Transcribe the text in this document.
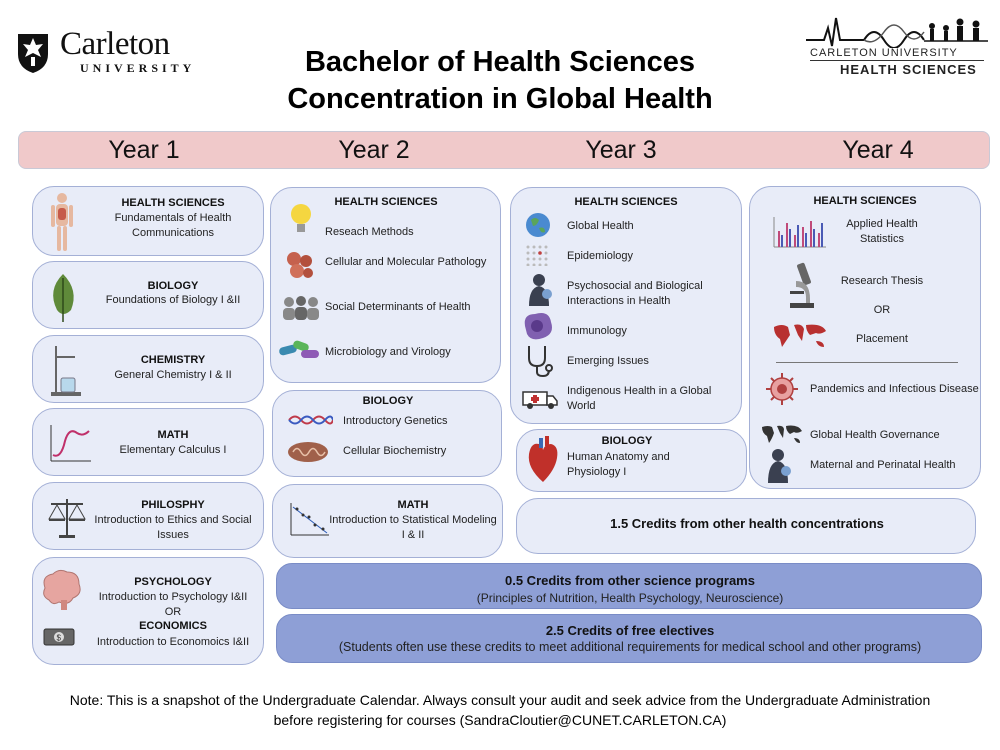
Carleton
UNIVERSITY	Bachelor of Health Sciences
Concentration in Global Health
CARLETON UNIVERSITY
HEALTH SCIENCES
Year 1	Year 2	Year 3	Year 4
HEALTH SCIENCES
Fundamentals of Health Communications
BIOLOGY
Foundations of Biology I &II
CHEMISTRY
General Chemistry I & II
MATH
Elementary Calculus I
PHILOSPHY
Introduction to Ethics and Social Issues
$
PSYCHOLOGY
Introduction to Psychology I&II
OR
ECONOMICS
Introduction to Economoics I&II
HEALTH SCIENCES
Reseach Methods
Cellular and Molecular Pathology
Social Determinants of Health
Microbiology and Virology
BIOLOGY
Introductory Genetics
Cellular Biochemistry
MATH
Introduction to Statistical Modeling I & II
HEALTH SCIENCES
Global Health
Epidemiology
Psychosocial and Biological Interactions in Health
Immunology
Emerging Issues
Indigenous Health in a Global World
BIOLOGY
Human Anatomy and Physiology I
HEALTH SCIENCES
Applied Health Statistics
Research Thesis
OR
Placement
Pandemics and Infectious Disease
Global Health Governance
Maternal and Perinatal Health
1.5 Credits from other health concentrations
0.5 Credits from other science programs
(Principles of Nutrition, Health Psychology, Neuroscience)
2.5 Credits of free electives
(Students often use these credits to meet additional requirements for medical school and other programs)
Note: This is a snapshot of the Undergraduate Calendar. Always consult your audit and seek advice from the Undergraduate Administration
before registering for courses (SandraCloutier@CUNET.CARLETON.CA)
